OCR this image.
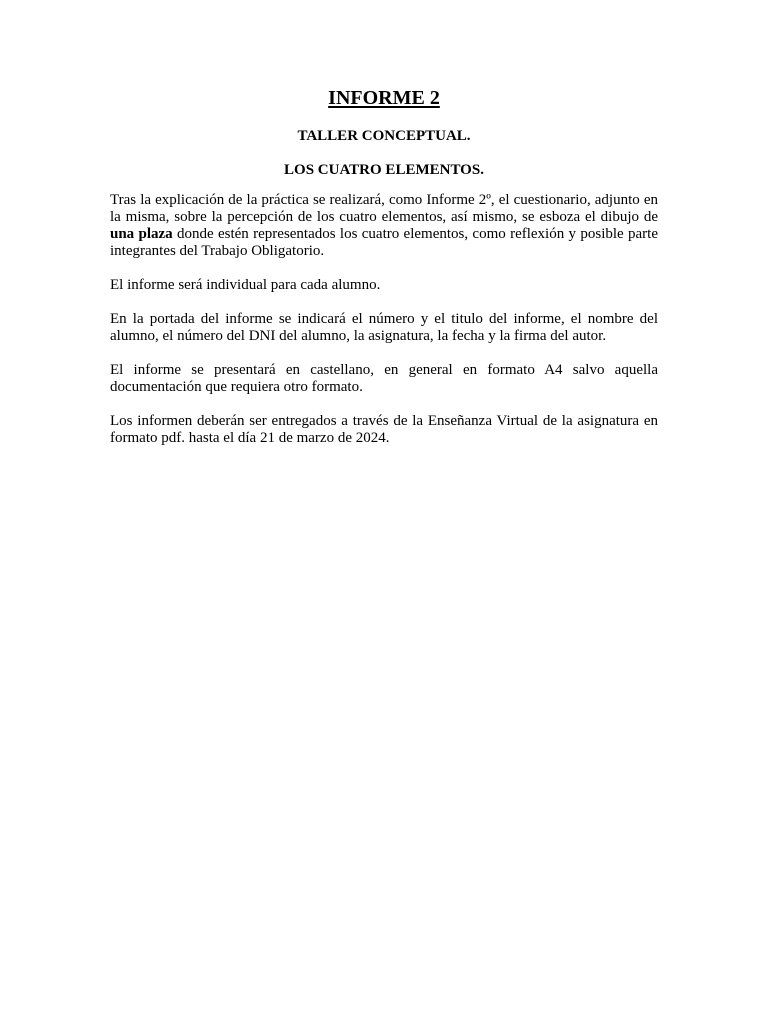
INFORME 2
TALLER CONCEPTUAL.
LOS CUATRO ELEMENTOS.

Tras la explicación de la práctica se realizará, como Informe 2º, el cuestionario, adjunto en la misma, sobre la percepción de los cuatro elementos, así mismo, se esboza el dibujo de una plaza donde estén representados los cuatro elementos, como reflexión y posible parte integrantes del Trabajo Obligatorio.

El informe será individual para cada alumno.

En la portada del informe se indicará el número y el titulo del informe, el nombre del alumno, el número del DNI del alumno, la asignatura, la fecha y la firma del autor.

El informe se presentará en castellano, en general en formato A4 salvo aquella documentación que requiera otro formato.

Los informen deberán ser entregados a través de la Enseñanza Virtual de la asignatura en formato pdf. hasta el día 21 de marzo de 2024.
